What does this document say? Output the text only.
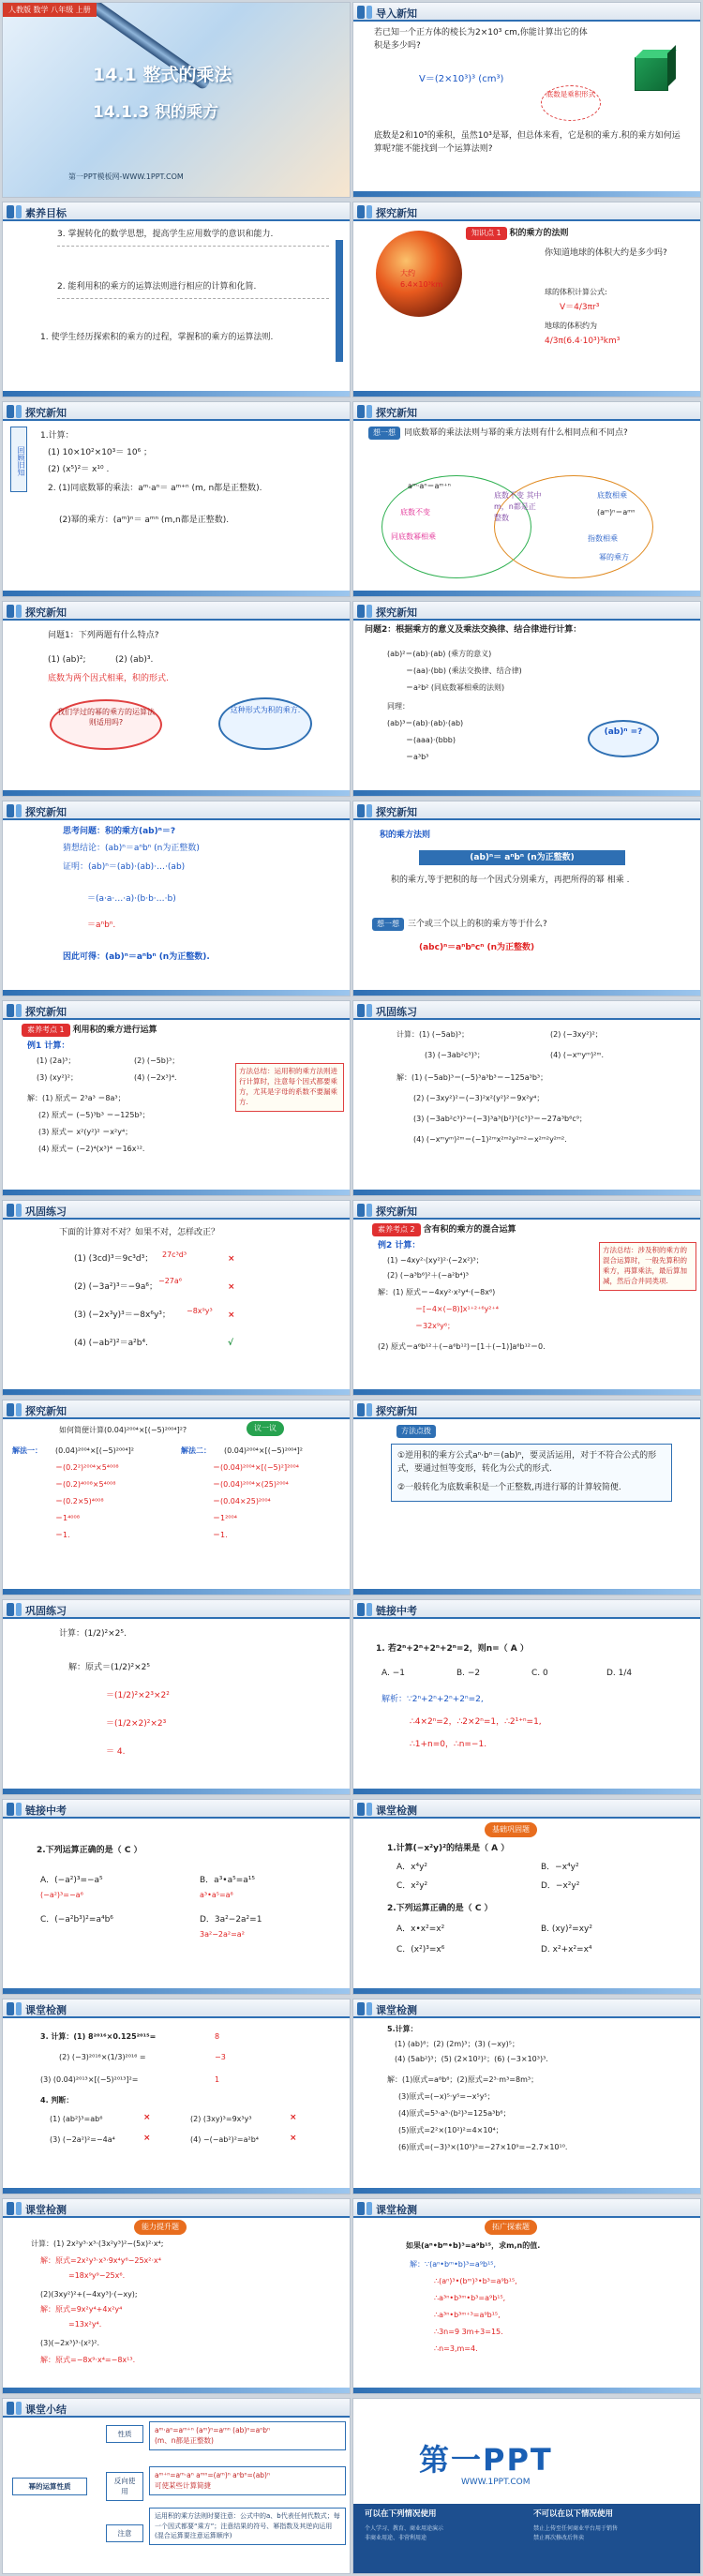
人教版 数学 八年级 上册
14.1 整式的乘法
14.1.3 积的乘方
第一PPT模板网-WWW.1PPT.COM
导入新知
若已知一个正方体的棱长为2×10³ cm,你能计算出它的体积是多少吗?
V＝(2×10³)³ (cm³)
底数是乘积形式
底数是2和10³的乘积，虽然10³是幂，但总体来看，它是积的乘方.积的乘方如何运算呢?能不能找到一个运算法则?
素养目标
3. 掌握转化的数学思想，提高学生应用数学的意识和能力.
2. 能利用积的乘方的运算法则进行相应的计算和化简.
1. 使学生经历探索积的乘方的过程，掌握积的乘方的运算法则.
探究新知
知识点 1 积的乘方的法则
大约6.4×10³km
你知道地球的体积大约是多少吗?
球的体积计算公式:
V＝4/3πr³
地球的体积约为
4/3π(6.4·10³)³km³
探究新知
回顾旧知
1.计算：
(1) 10×10²×10³＝ 10⁶ ；
(2) (x⁵)²＝ x¹⁰ .
2. (1)同底数幂的乘法：aᵐ·aⁿ＝ aᵐ⁺ⁿ (m, n都是正整数).
(2)幂的乘方：(aᵐ)ⁿ＝ aᵐⁿ (m,n都是正整数).
探究新知
想一想 同底数幂的乘法法则与幂的乘方法则有什么相同点和不同点?
aᵐ·aⁿ＝aᵐ⁺ⁿ
(aᵐ)ⁿ＝aᵐⁿ
底数不变
同底数幂相乘
底数相乘
指数相乘
底数不变 其中m，n都是正整数
幂的乘方
探究新知
问题1：下列两题有什么特点?
(1) (ab)²;	(2) (ab)³.
底数为两个因式相乘，积的形式.
我们学过的幂的乘方的运算法则适用吗?
这种形式为积的乘方.
探究新知
问题2：根据乘方的意义及乘法交换律、结合律进行计算：
(ab)²＝(ab)·(ab) (乘方的意义)
＝(aa)·(bb) (乘法交换律、结合律)
＝a²b² (同底数幂相乘的法则)
同理：
(ab)³＝(ab)·(ab)·(ab)
＝(aaa)·(bbb)
＝a³b³
(ab)ⁿ =?
探究新知
思考问题：积的乘方(ab)ⁿ＝?
猜想结论：(ab)ⁿ＝aⁿbⁿ (n为正整数)
证明：(ab)ⁿ＝(ab)·(ab)·…·(ab)
＝(a·a·…·a)·(b·b·…·b)
＝aⁿbⁿ.
因此可得：(ab)ⁿ＝aⁿbⁿ (n为正整数).
探究新知
积的乘方法则
(ab)ⁿ＝ aⁿbⁿ (n为正整数)
积的乘方,等于把积的每一个因式分别乘方，再把所得的幂 相乘 .
想一想 三个或三个以上的积的乘方等于什么?
(abc)ⁿ＝aⁿbⁿcⁿ (n为正整数)
探究新知
素养考点 1 利用积的乘方进行运算
例1 计算：
(1) (2a)³；	(2) (−5b)³；
(3) (xy²)²；	(4) (−2x³)⁴.
解：(1) 原式＝ 2³a³ ＝8a³；
(2) 原式＝ (−5)³b³ ＝−125b³；
(3) 原式＝ x²(y²)² ＝x²y⁴；
(4) 原式＝ (−2)⁴(x³)⁴ ＝16x¹².
方法总结：运用积的乘方法则进行计算时，注意每个因式都要乘方，尤其是字母的系数不要漏乘方.
巩固练习
计算：(1) (−5ab)³；	(2) (−3xy²)²；
(3) (−3ab²c³)³；	(4) (−xᵐyᵐ)²ᵐ.
解：(1) (−5ab)³＝(−5)³a³b³＝−125a³b³；
(2) (−3xy²)²＝(−3)²x²(y²)²＝9x²y⁴；
(3) (−3ab²c³)³＝(−3)³a³(b²)³(c³)³＝−27a³b⁶c⁹；
(4) (−xᵐyᵐ)²ᵐ＝(−1)²ᵐx²ᵐ²y²ᵐ²＝x²ᵐ²y²ᵐ².
巩固练习
下面的计算对不对？如果不对，怎样改正？
(1) (3cd)³＝9c³d³； 27c³d³	×
(2) (−3a²)³＝−9a⁶；
−27a⁶
×
(3) (−2x³y)³＝−8x⁶y³； −8x⁹y³ ×
(4) (−ab²)²＝a²b⁴.	√
探究新知
素养考点 2 含有积的乘方的混合运算
例2 计算：
(1) −4xy²·(xy²)²·(−2x²)³；
(2) (−a³b⁶)²＋(−a²b⁴)³
解：(1) 原式＝−4xy²·x²y⁴·(−8x⁶)
＝[−4×(−8)]x¹⁺²⁺⁶y²⁺⁴
＝32x⁹y⁶；
(2) 原式＝a⁶b¹²＋(−a⁶b¹²)＝[1＋(−1)]a⁶b¹²＝0.
方法总结：涉及积的乘方的混合运算时，一般先算积的乘方，再算乘法，最后算加减，然后合并同类项.
探究新知
如何简便计算(0.04)²⁰⁰⁴×[(−5)²⁰⁰⁴]²?	议一议
解法一： (0.04)²⁰⁰⁴×[(−5)²⁰⁰⁴]²
＝(0.2²)²⁰⁰⁴×5⁴⁰⁰⁸
＝(0.2)⁴⁰⁰⁸×5⁴⁰⁰⁸
＝(0.2×5)⁴⁰⁰⁸
＝1⁴⁰⁰⁸
＝1.
解法二： (0.04)²⁰⁰⁴×[(−5)²⁰⁰⁴]²
＝(0.04)²⁰⁰⁴×[(−5)²]²⁰⁰⁴
＝(0.04)²⁰⁰⁴×(25)²⁰⁰⁴
＝(0.04×25)²⁰⁰⁴
＝1²⁰⁰⁴
＝1.
探究新知
方法点拨
①逆用积的乘方公式aⁿ·bⁿ＝(ab)ⁿ，要灵活运用，对于不符合公式的形式，要通过恒等变形，转化为公式的形式.
②一般转化为底数乘积是一个正整数,再进行幂的计算较简便.
巩固练习
计算：(1/2)²×2⁵.
解：原式＝(1/2)²×2⁵
＝(1/2)²×2³×2²
＝(1/2×2)²×2³
＝ 4.
链接中考
1. 若2ⁿ+2ⁿ+2ⁿ+2ⁿ=2，则n=（ A ）
A. −1	B. −2	C. 0	D. 1/4
解析：∵2ⁿ+2ⁿ+2ⁿ+2ⁿ=2,
∴4×2ⁿ=2，∴2×2ⁿ=1，∴2¹⁺ⁿ=1,
∴1+n=0，∴n=−1.
链接中考
2.下列运算正确的是（ C ）
A．(−a²)³=−a⁵
(−a²)³=−a⁶
B．a³•a⁵=a¹⁵
a³•a⁵=a⁸
C．(−a²b³)²=a⁴b⁶	D．3a²−2a²=1
3a²−2a²=a²
课堂检测
基础巩固题
1.计算(−x²y)²的结果是（ A ）
A．x⁴y²	B．−x⁴y²
C．x²y²	D．−x²y²
2.下列运算正确的是（ C ）
A．x•x²=x²	B. (xy)²=xy²
C．(x²)³=x⁶	D. x²+x²=x⁴
课堂检测
3. 计算：(1) 8²⁰¹⁶×0.125²⁰¹⁵=	8
(2) (−3)²⁰¹⁶×(1/3)²⁰¹⁶ =	−3
(3) (0.04)²⁰¹³×[(−5)²⁰¹³]²=	1
4. 判断：
(1) (ab²)³=ab⁶	×	(2) (3xy)³=9x³y³	×
(3) (−2a²)²=−4a⁴	×	(4) −(−ab²)²=a²b⁴	×
课堂检测
5.计算：
(1) (ab)⁸；(2) (2m)³；(3) (−xy)⁵；
(4) (5ab²)³；(5) (2×10²)²；(6) (−3×10³)³.
解：(1)原式=a⁸b⁸；(2)原式=2³·m³=8m³；
(3)原式=(−x)⁵·y⁵=−x⁵y⁵；
(4)原式=5³·a³·(b²)³=125a³b⁶；
(5)原式=2²×(10²)²=4×10⁴；
(6)原式=(−3)³×(10³)³=−27×10⁹=−2.7×10¹⁰.
课堂检测
能力提升题
计算：(1) 2x²y³·x³·(3x²y³)²−(5x)²·x⁴;
解：原式=2x²y³·x³·9x⁴y⁶−25x²·x⁴
=18x⁹y⁹−25x⁶.
(2)(3xy²)²+(−4xy³)·(−xy);
解：原式=9x²y⁴+4x²y⁴
=13x²y⁴.
(3)(−2x³)³·(x²)².
解：原式=−8x⁹·x⁴=−8x¹³.
课堂检测
拓广探索题
如果(aⁿ•bᵐ•b)³=a⁹b¹⁵，求m,n的值.
解：∵(aⁿ•bᵐ•b)³=a⁹b¹⁵,
∴(aⁿ)³•(bᵐ)³•b³=a⁹b¹⁵,
∴a³ⁿ•b³ᵐ•b³=a⁹b¹⁵,
∴a³ⁿ•b³ᵐ⁺³=a⁹b¹⁵,
∴3n=9 3m+3=15.
∴n=3,m=4.
课堂小结
幂的运算性质
性质	aᵐ·aⁿ=aᵐ⁺ⁿ (aᵐ)ⁿ=aᵐⁿ (ab)ⁿ=aⁿbⁿ
(m、n都是正整数)
反向使用
aᵐ⁺ⁿ=aᵐ·aⁿ aᵐⁿ=(aᵐ)ⁿ aⁿbⁿ=(ab)ⁿ
可使某些计算简捷
注意
运用积的乘方法则时要注意：公式中的a、b代表任何代数式；每一个因式都要“乘方”；注意结果的符号、幂指数及其逆向运用(混合运算要注意运算顺序)
第一PPT
WWW.1PPT.COM
可以在下列情况使用	不可以在以下情况使用
个人学习、教育、商业用途演示
非商业用途、非营利用途
禁止上传至任何商业平台用于销售
禁止再次修改后售卖
